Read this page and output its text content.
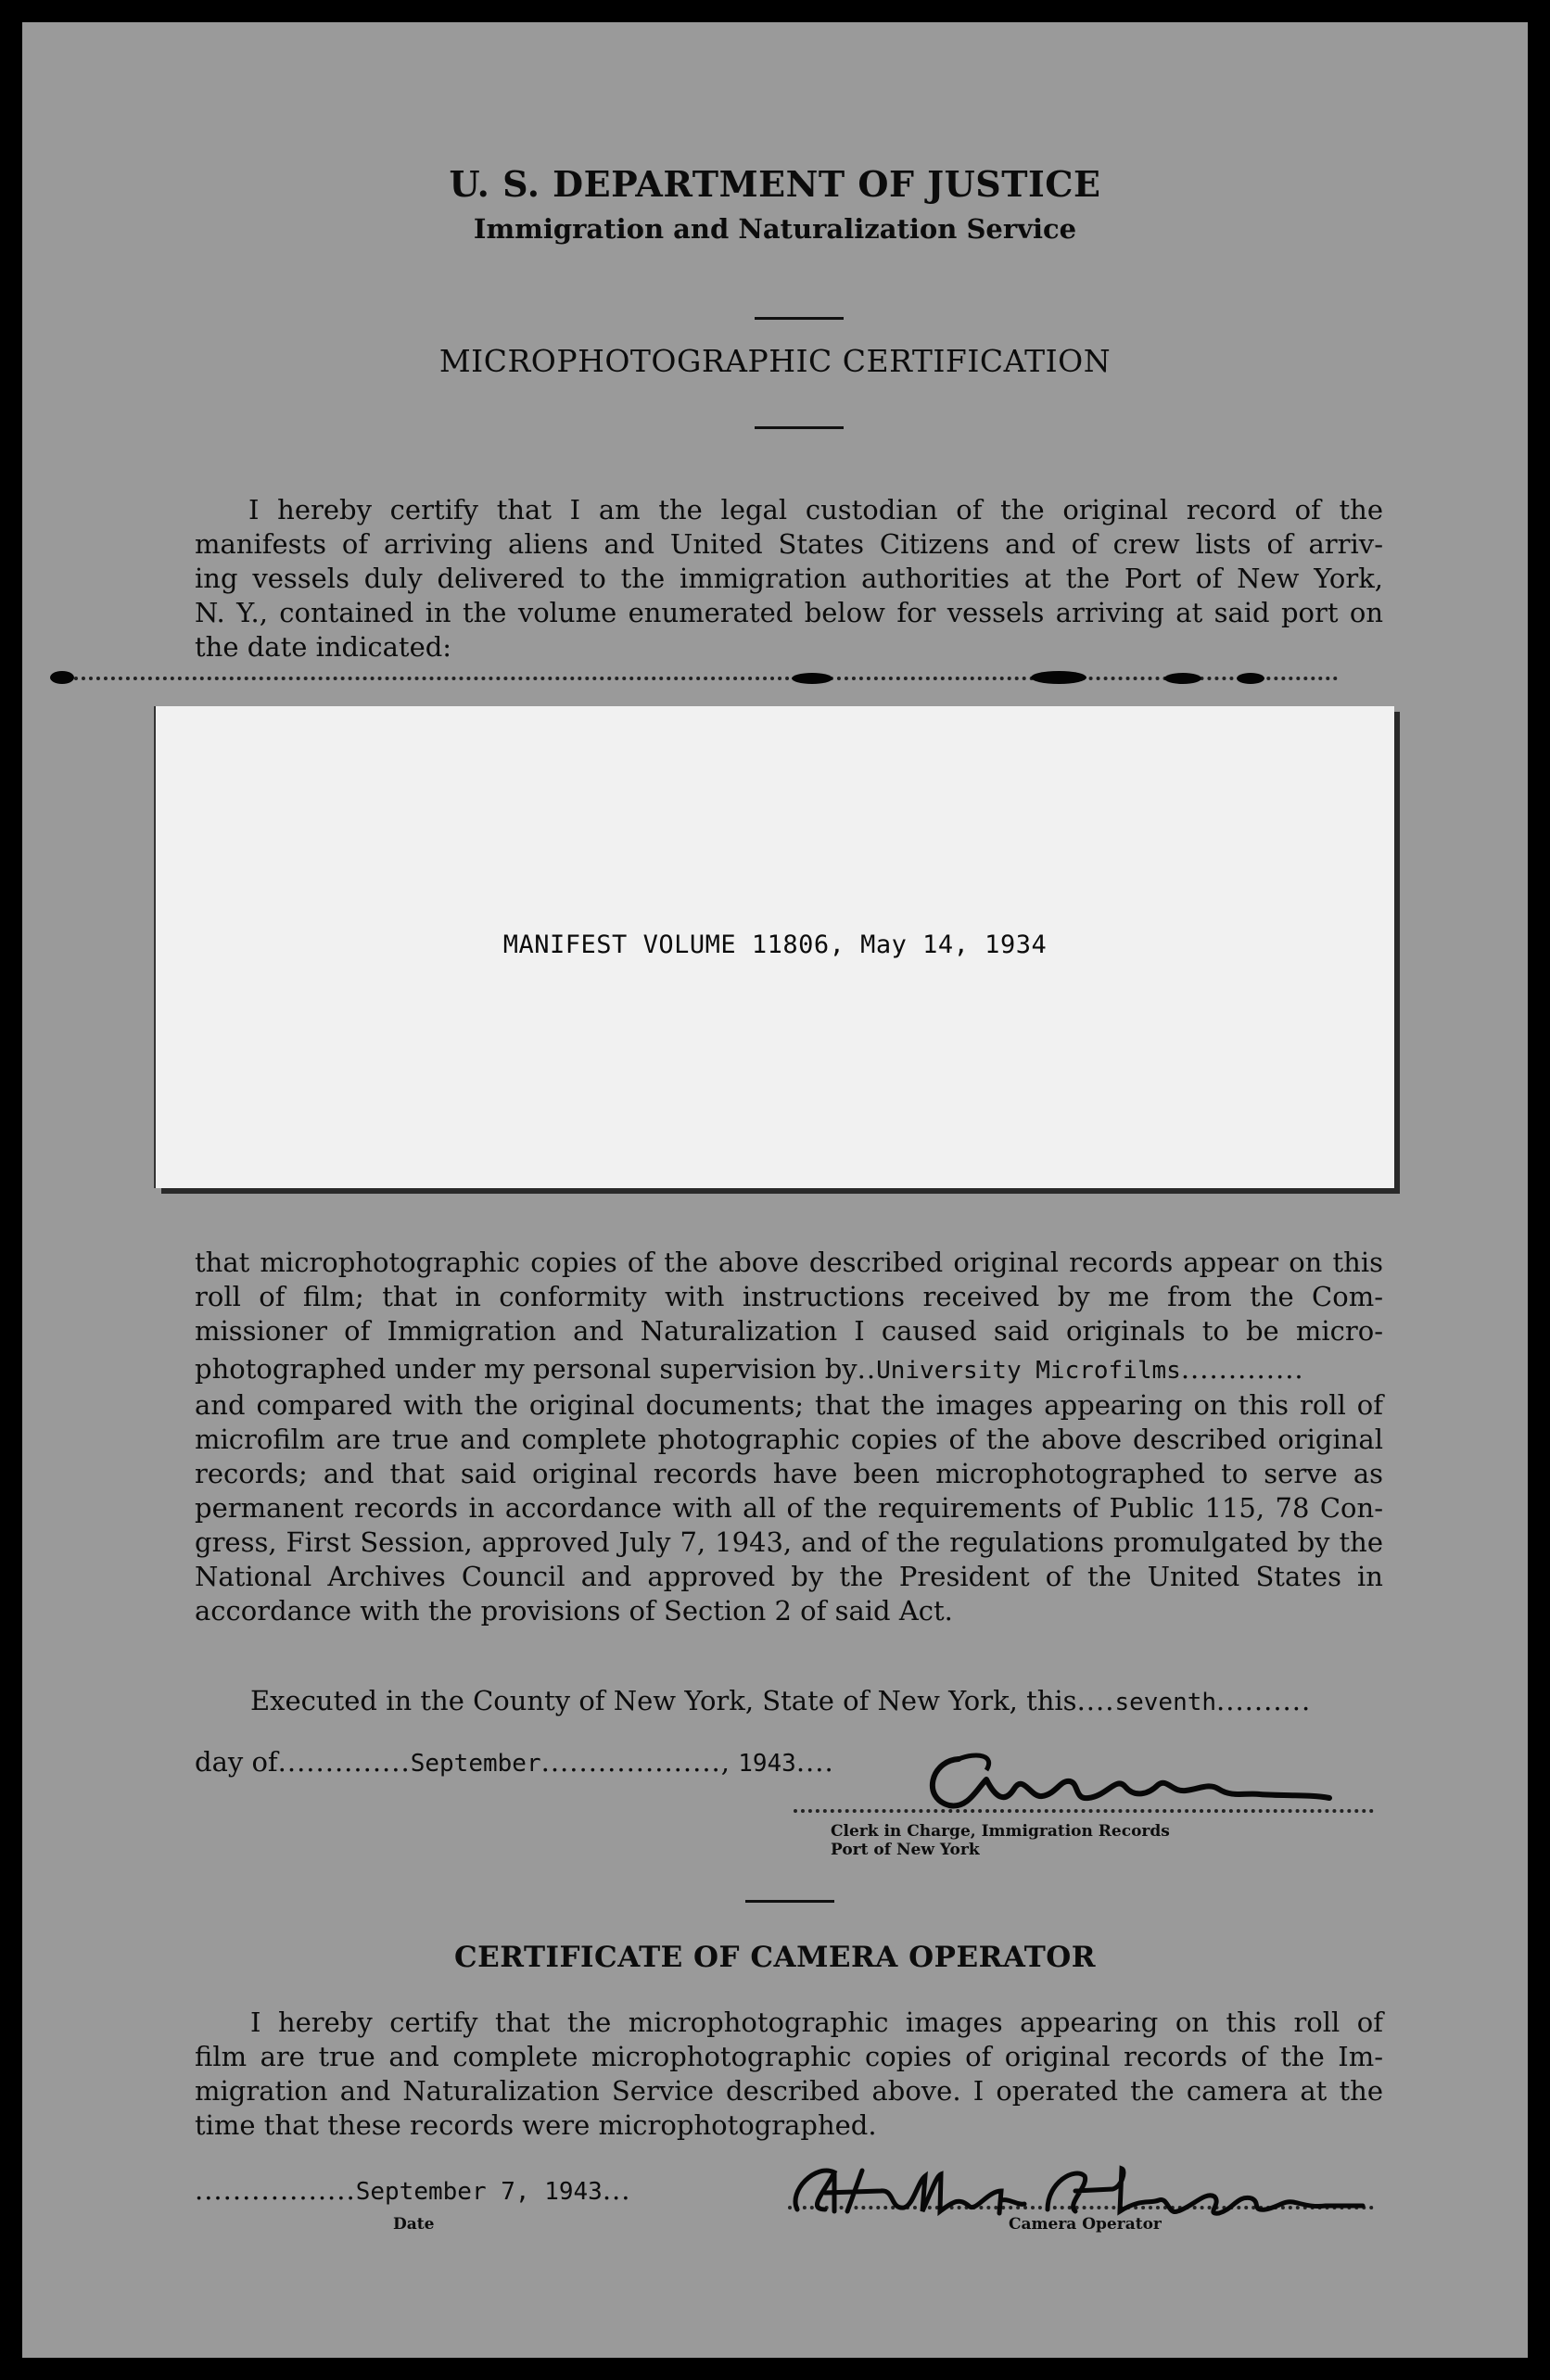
U. S. DEPARTMENT OF JUSTICE
Immigration and Naturalization Service
MICROPHOTOGRAPHIC CERTIFICATION
I hereby certify that I am the legal custodian of the original record of the
manifests of arriving aliens and United States Citizens and of crew lists of arriv-
ing vessels duly delivered to the immigration authorities at the Port of New York,
N. Y., contained in the volume enumerated below for vessels arriving at said port on
the date indicated:
MANIFEST VOLUME 11806, May 14, 1934
that microphotographic copies of the above described original records appear on this
roll of film; that in conformity with instructions received by me from the Com-
missioner of Immigration and Naturalization I caused said originals to be micro-
photographed under my personal supervision by..University Microfilms.............
and compared with the original documents; that the images appearing on this roll of
microfilm are true and complete photographic copies of the above described original
records; and that said original records have been microphotographed to serve as
permanent records in accordance with all of the requirements of Public 115, 78 Con-
gress, First Session, approved July 7, 1943, and of the regulations promulgated by the
National Archives Council and approved by the President of the United States in
accordance with the provisions of Section 2 of said Act.
Executed in the County of New York, State of New York, this....seventh..........
day of..............September..................., 1943....
Clerk in Charge, Immigration Records
Port of New York
CERTIFICATE OF CAMERA OPERATOR
I hereby certify that the microphotographic images appearing on this roll of
film are true and complete microphotographic copies of original records of the Im-
migration and Naturalization Service described above. I operated the camera at the
time that these records were microphotographed.
.................September 7, 1943...
Date	Camera Operator
